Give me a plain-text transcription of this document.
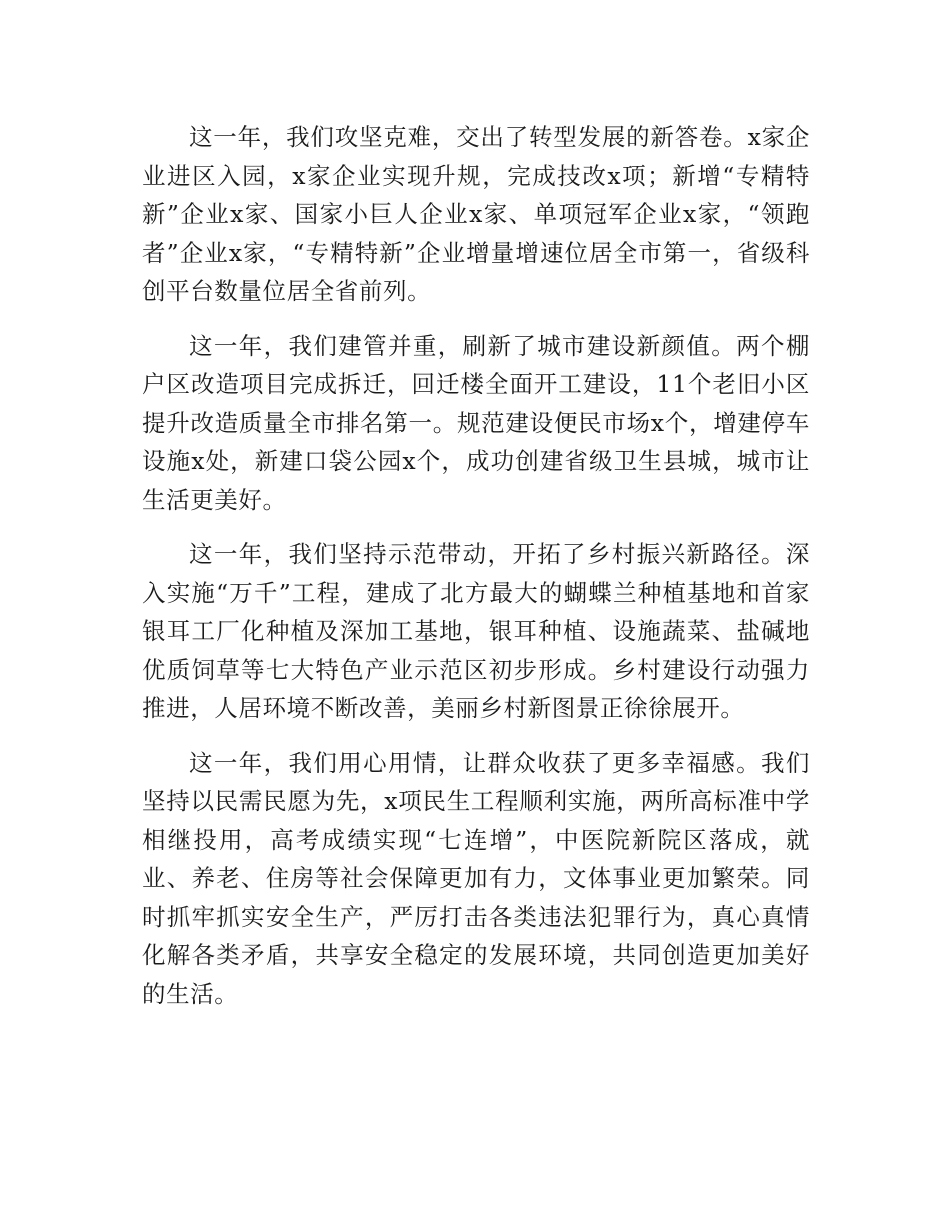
这一年，我们攻坚克难，交出了转型发展的新答卷。x家企业进区入园，x家企业实现升规，完成技改x项；新增“专精特新”企业x家、国家小巨人企业x家、单项冠军企业x家，“领跑者”企业x家，“专精特新”企业增量增速位居全市第一，省级科创平台数量位居全省前列。

这一年，我们建管并重，刷新了城市建设新颜值。两个棚户区改造项目完成拆迁，回迁楼全面开工建设，11个老旧小区提升改造质量全市排名第一。规范建设便民市场x个，增建停车设施x处，新建口袋公园x个，成功创建省级卫生县城，城市让生活更美好。

这一年，我们坚持示范带动，开拓了乡村振兴新路径。深入实施“万千”工程，建成了北方最大的蝴蝶兰种植基地和首家银耳工厂化种植及深加工基地，银耳种植、设施蔬菜、盐碱地优质饲草等七大特色产业示范区初步形成。乡村建设行动强力推进，人居环境不断改善，美丽乡村新图景正徐徐展开。

这一年，我们用心用情，让群众收获了更多幸福感。我们坚持以民需民愿为先，x项民生工程顺利实施，两所高标准中学相继投用，高考成绩实现“七连增”，中医院新院区落成，就业、养老、住房等社会保障更加有力，文体事业更加繁荣。同时抓牢抓实安全生产，严厉打击各类违法犯罪行为，真心真情化解各类矛盾，共享安全稳定的发展环境，共同创造更加美好的生活。
